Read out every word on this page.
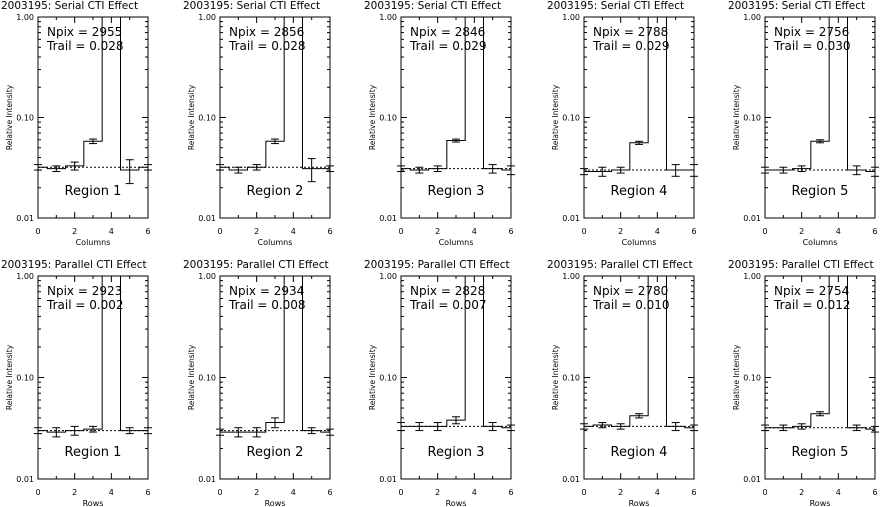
2003195: Serial CTI Effect
0.01
0.10
1.00
0	2	4	6
Columns
Relative Intensity
Npix = 2955
Trail = 0.028
Region 1
2003195: Serial CTI Effect
0.01
0.10
1.00
0	2	4	6
Columns
Relative Intensity
Npix = 2856
Trail = 0.028
Region 2
2003195: Serial CTI Effect
0.01
0.10
1.00
0	2	4	6
Columns
Relative Intensity
Npix = 2846
Trail = 0.029
Region 3
2003195: Serial CTI Effect
0.01
0.10
1.00
0	2	4	6
Columns
Relative Intensity
Npix = 2788
Trail = 0.029
Region 4
2003195: Serial CTI Effect
0.01
0.10
1.00
0	2	4	6
Columns
Relative Intensity
Npix = 2756
Trail = 0.030
Region 5
2003195: Parallel CTI Effect
0.01
0.10
1.00
0	2	4	6
Rows
Relative Intensity
Npix = 2923
Trail = 0.002
Region 1
2003195: Parallel CTI Effect
0.01
0.10
1.00
0	2	4	6
Rows
Relative Intensity
Npix = 2934
Trail = 0.008
Region 2
2003195: Parallel CTI Effect
0.01
0.10
1.00
0	2	4	6
Rows
Relative Intensity
Npix = 2828
Trail = 0.007
Region 3
2003195: Parallel CTI Effect
0.01
0.10
1.00
0	2	4	6
Rows
Relative Intensity
Npix = 2780
Trail = 0.010
Region 4
2003195: Parallel CTI Effect
0.01
0.10
1.00
0	2	4	6
Rows
Relative Intensity
Npix = 2754
Trail = 0.012
Region 5
